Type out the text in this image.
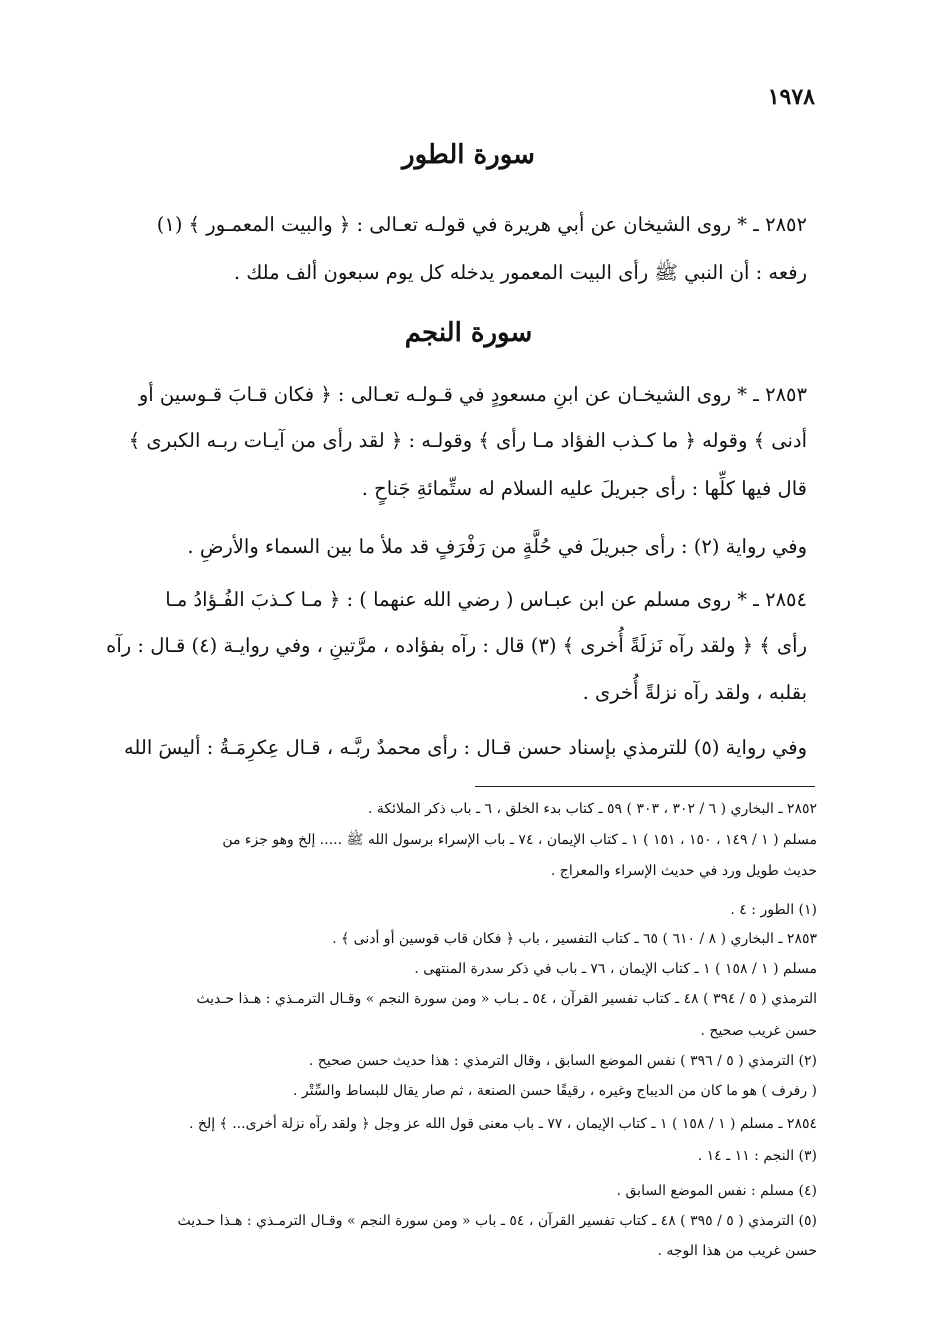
١٩٧٨
سورة الطور
٢٨٥٢ ـ * روى الشيخان عن أبي هريرة في قولـه تعـالى : ﴿ والبيت المعمـور ﴾ (١)
رفعه : أن النبي ﷺ رأى البيت المعمور يدخله كل يوم سبعون ألف ملك .
سورة النجم
٢٨٥٣ ـ * روى الشيخـان عن ابنِ مسعودٍ في قـولـه تعـالى : ﴿ فكان قـابَ قـوسين أو
أدنى ﴾ وقوله ﴿ ما كـذب الفؤاد مـا رأى ﴾ وقولـه : ﴿ لقد رأى من آيـات ربـه الكبرى ﴾
قال فيها كلِّها : رأى جبريلَ عليه السلام له ستِّمائةِ جَناحٍ .
وفي رواية (٢) : رأى جبريلَ في حُلَّةٍ من رَفْرَفٍ قد ملأ ما بين السماء والأرضِ .
٢٨٥٤ ـ * روى مسلم عن ابن عبـاس ( رضي الله عنهما ) : ﴿ مـا كـذبَ الفُـؤادُ مـا
رأى ﴾ ﴿ ولقد رآه نَزلَةً أُخرى ﴾ (٣) قال : رآه بفؤاده ، مرَّتينِ ، وفي روايـة (٤) قـال : رآه
بقلبه ، ولقد رآه نزلةً أُخرى .
وفي رواية (٥) للترمذي بإسناد حسن قـال : رأى محمدٌ ربَّـه ، قـال عِكرِمَـةُ : أليسَ الله
٢٨٥٢ ـ البخاري ( ٦ / ٣٠٢ ، ٣٠٣ ) ٥٩ ـ كتاب بدء الخلق ، ٦ ـ باب ذكر الملائكة .
مسلم ( ١ / ١٤٩ ، ١٥٠ ، ١٥١ ) ١ ـ كتاب الإيمان ، ٧٤ ـ باب الإسراء برسول الله ﷺ ..... إلخ وهو جزء من
حديث طويل ورد في حديث الإسراء والمعراج .
(١) الطور : ٤ .
٢٨٥٣ ـ البخاري ( ٨ / ٦١٠ ) ٦٥ ـ كتاب التفسير ، باب ﴿ فكان قاب قوسين أو أدنى ﴾ .
مسلم ( ١ / ١٥٨ ) ١ ـ كتاب الإيمان ، ٧٦ ـ باب في ذكر سدرة المنتهى .
الترمذي ( ٥ / ٣٩٤ ) ٤٨ ـ كتاب تفسير القرآن ، ٥٤ ـ بـاب « ومن سورة النجم » وقـال الترمـذي : هـذا حـديث
حسن غريب صحيح .
(٢) الترمذي ( ٥ / ٣٩٦ ) نفس الموضع السابق ، وقال الترمذي : هذا حديث حسن صحيح .
( رفرف ) هو ما كان من الديباج وغيره ، رقيقًا حسن الصنعة ، ثم صار يقال للبساط والسِّتْر .
٢٨٥٤ ـ مسلم ( ١ / ١٥٨ ) ١ ـ كتاب الإيمان ، ٧٧ ـ باب معنى قول الله عز وجل ﴿ ولقد رآه نزلة أخرى... ﴾ إلخ .
(٣) النجم : ١١ ـ ١٤ .
(٤) مسلم : نفس الموضع السابق .
(٥) الترمذي ( ٥ / ٣٩٥ ) ٤٨ ـ كتاب تفسير القرآن ، ٥٤ ـ باب « ومن سورة النجم » وقـال الترمـذي : هـذا حـديث
حسن غريب من هذا الوجه .
